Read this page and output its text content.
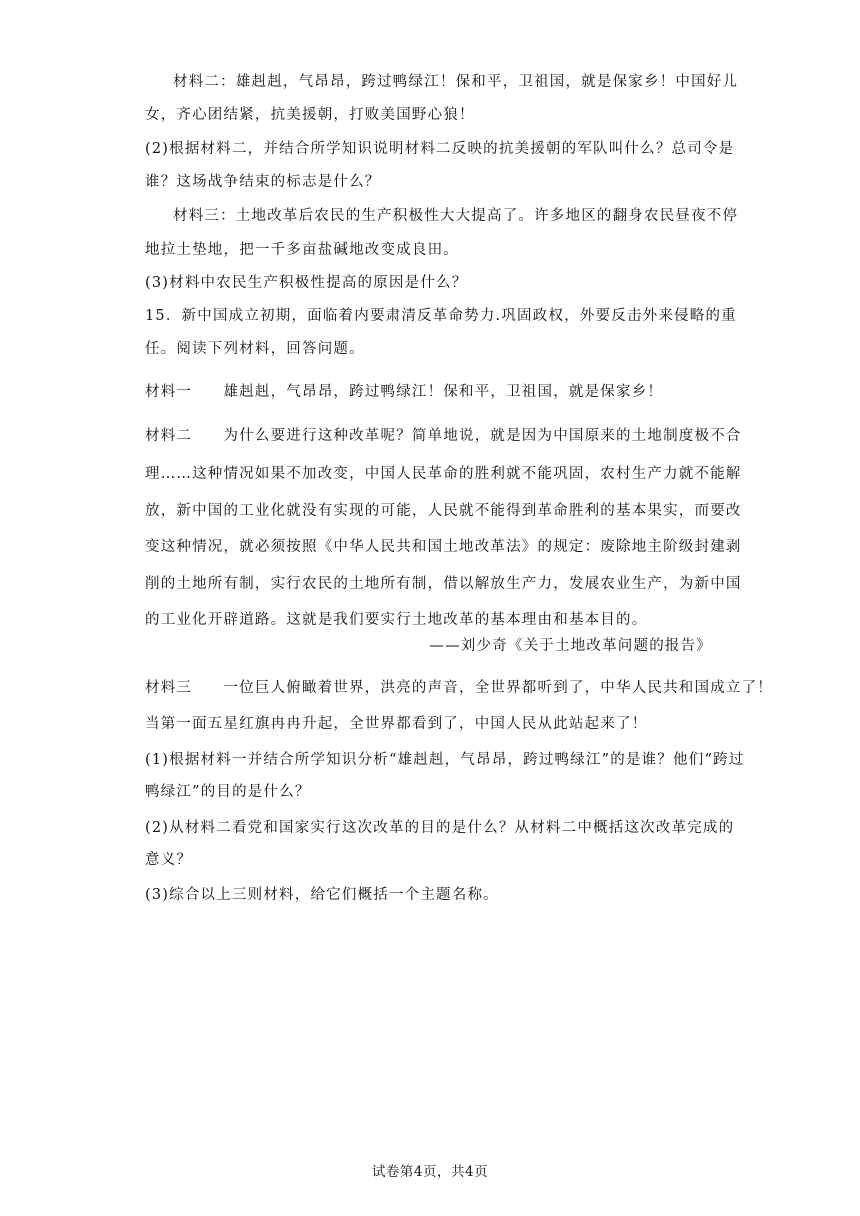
材料二：雄赳赳，气昂昂，跨过鸭绿江！保和平，卫祖国，就是保家乡！中国好儿
女，齐心团结紧，抗美援朝，打败美国野心狼！
(2)根据材料二，并结合所学知识说明材料二反映的抗美援朝的军队叫什么？总司令是
谁？这场战争结束的标志是什么？
材料三：土地改革后农民的生产积极性大大提高了。许多地区的翻身农民昼夜不停
地拉土垫地，把一千多亩盐碱地改变成良田。
(3)材料中农民生产积极性提高的原因是什么？
15．新中国成立初期，面临着内要肃清反革命势力.巩固政权，外要反击外来侵略的重
任。阅读下列材料，回答问题。
材料一　　雄赳赳，气昂昂，跨过鸭绿江！保和平，卫祖国，就是保家乡！
材料二　　为什么要进行这种改革呢？简单地说，就是因为中国原来的土地制度极不合
理……这种情况如果不加改变，中国人民革命的胜利就不能巩固，农村生产力就不能解
放，新中国的工业化就没有实现的可能，人民就不能得到革命胜利的基本果实，而要改
变这种情况，就必须按照《中华人民共和国土地改革法》的规定：废除地主阶级封建剥
削的土地所有制，实行农民的土地所有制，借以解放生产力，发展农业生产，为新中国
的工业化开辟道路。这就是我们要实行土地改革的基本理由和基本目的。
——刘少奇《关于土地改革问题的报告》
材料三　　一位巨人俯瞰着世界，洪亮的声音，全世界都听到了，中华人民共和国成立了！
当第一面五星红旗冉冉升起，全世界都看到了，中国人民从此站起来了！
(1)根据材料一并结合所学知识分析“雄赳赳，气昂昂，跨过鸭绿江”的是谁？他们“跨过
鸭绿江”的目的是什么？
(2)从材料二看党和国家实行这次改革的目的是什么？从材料二中概括这次改革完成的
意义？
(3)综合以上三则材料，给它们概括一个主题名称。
试卷第4页，共4页
